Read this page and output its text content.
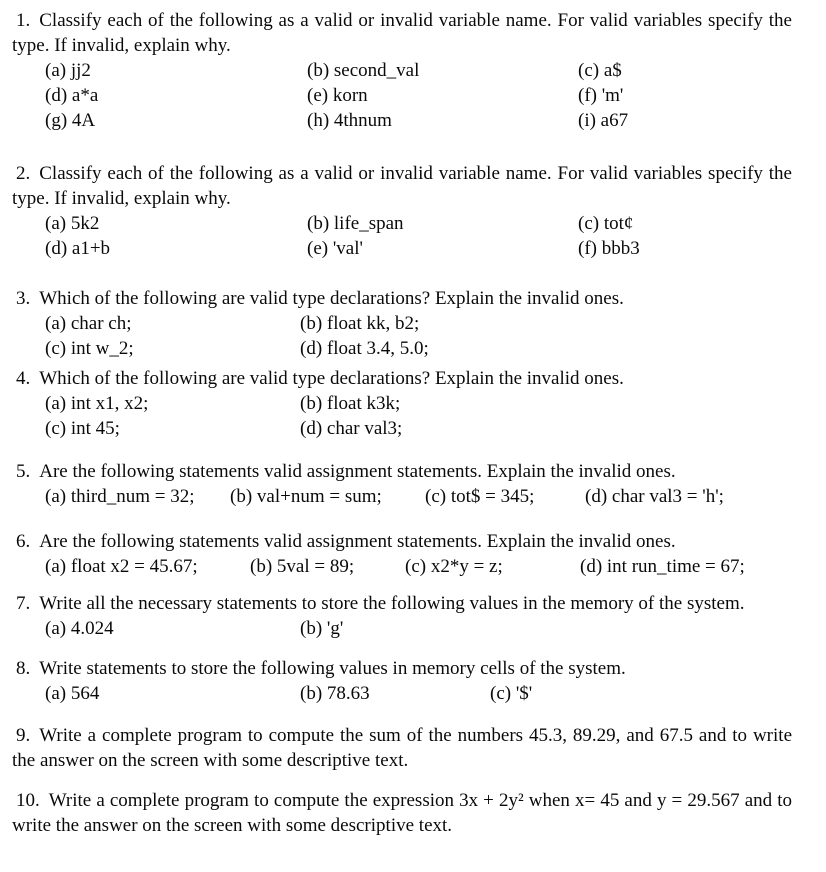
1. Classify each of the following as a valid or invalid variable name. For valid variables specify the type. If invalid, explain why.

(a) jj2	(b) second_val	(c) a$
(d) a*a	(e) korn	(f) 'm'
(g) 4A	(h) 4thnum	(i) a67

2. Classify each of the following as a valid or invalid variable name. For valid variables specify the type. If invalid, explain why.

(a) 5k2	(b) life_span	(c) tot¢
(d) a1+b	(e) 'val'	(f) bbb3

3. Which of the following are valid type declarations? Explain the invalid ones.

(a) char ch;	(b) float kk, b2;
(c) int w_2;	(d) float 3.4, 5.0;

4. Which of the following are valid type declarations? Explain the invalid ones.

(a) int x1, x2;	(b) float k3k;
(c) int 45;	(d) char val3;

5. Are the following statements valid assignment statements. Explain the invalid ones.

(a) third_num = 32;	(b) val+num = sum;	(c) tot$ = 345;	(d) char val3 = 'h';

6. Are the following statements valid assignment statements. Explain the invalid ones.

(a) float x2 = 45.67;	(b) 5val = 89;	(c) x2*y = z;	(d) int run_time = 67;

7. Write all the necessary statements to store the following values in the memory of the system.

(a) 4.024	(b) 'g'

8. Write statements to store the following values in memory cells of the system.

(a) 564	(b) 78.63	(c) '$'

9. Write a complete program to compute the sum of the numbers 45.3, 89.29, and 67.5 and to write the answer on the screen with some descriptive text.

10. Write a complete program to compute the expression 3x + 2y² when x= 45 and y = 29.567 and to write the answer on the screen with some descriptive text.
